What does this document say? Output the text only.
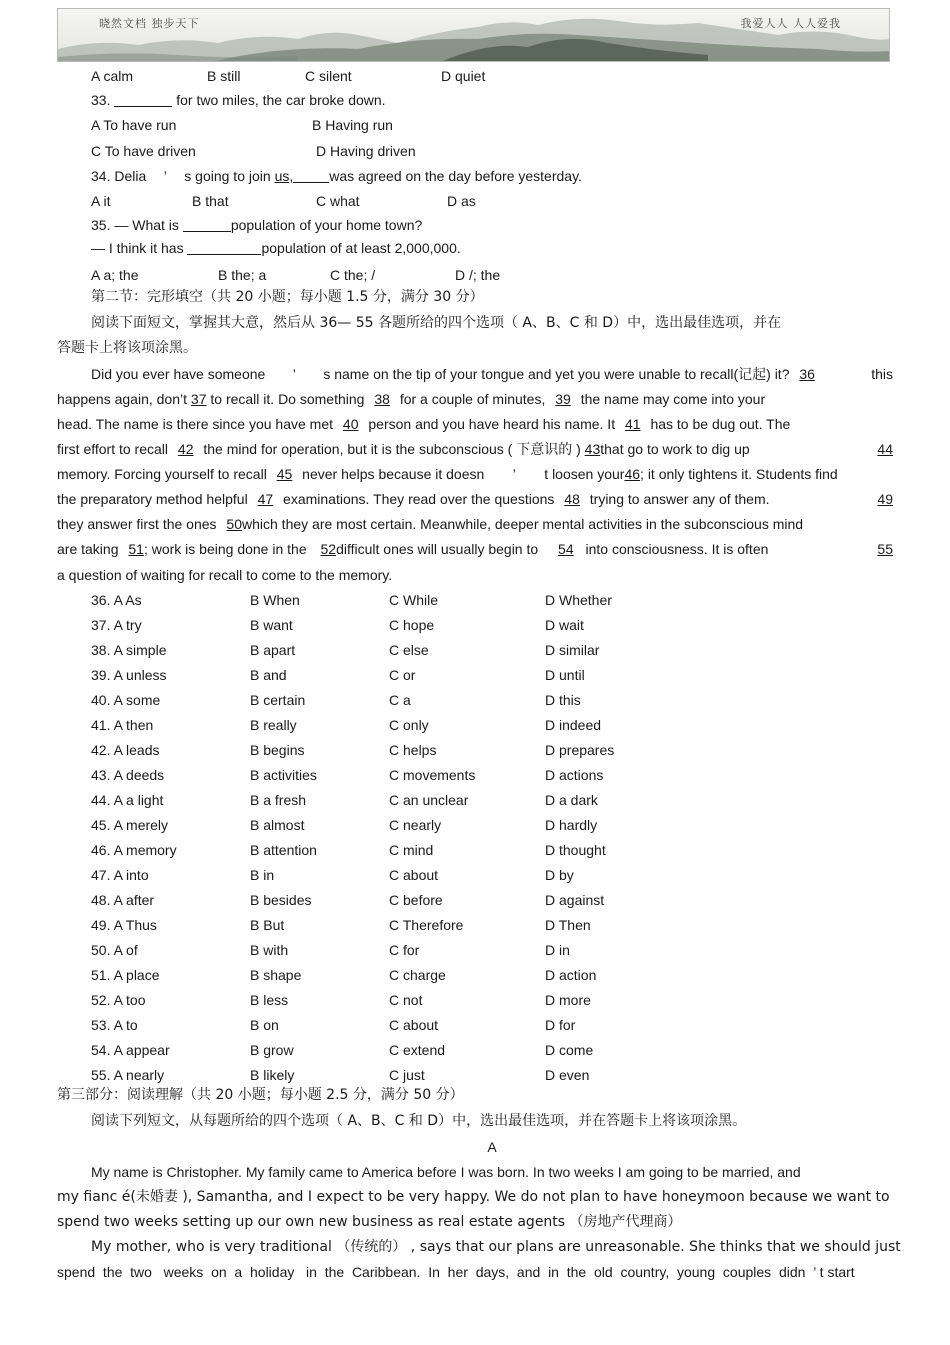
晓然文档 独步天下	我爱人人 人人爱我
A calm	B still	C silent	D quiet
33.	for two miles, the car broke down.
A To have run	B Having run
C To have driven	D Having driven
34. Delia ’ s going to join us,	was agreed on the day before yesterday.
A it	B that	C what	D as
35. — What is	population of your home town?
— I think it has	population of at least 2,000,000.
A a; the	B the; a	C the; /	D /; the
第二节：完形填空（共 20 小题；每小题 1.5 分，满分 30 分）
阅读下面短文，掌握其大意，然后从 36— 55 各题所给的四个选项（ A、B、C 和 D）中，选出最佳选项，并在
答题卡上将该项涂黑。
Did you ever have someone ’ s name on the tip of your tongue and yet you were unable to recall(记起) it? 36	this
happens again, don’t 37 to recall it. Do something 38 for a couple of minutes, 39 the name may come into your
head. The name is there since you have met 40 person and you have heard his name. It 41 has to be dug out. The
first effort to recall 42 the mind for operation, but it is the subconscious ( 下意识的 ) 43that go to work to dig up	44
memory. Forcing yourself to recall 45 never helps because it doesn ’ t loosen your46; it only tightens it. Students find
the preparatory method helpful 47 examinations. They read over the questions 48 trying to answer any of them.	49
they answer first the ones 50which they are most certain. Meanwhile, deeper mental activities in the subconscious mind
are taking 51; work is being done in the 52difficult ones will usually begin to 54 into consciousness. It is often	55
a question of waiting for recall to come to the memory.
36. A As	B When	C While	D Whether
37. A try	B want	C hope	D wait
38. A simple	B apart	C else	D similar
39. A unless	B and	C or	D until
40. A some	B certain	C a	D this
41. A then	B really	C only	D indeed
42. A leads	B begins	C helps	D prepares
43. A deeds	B activities	C movements	D actions
44. A a light	B a fresh	C an unclear	D a dark
45. A merely	B almost	C nearly	D hardly
46. A memory	B attention	C mind	D thought
47. A into	B in	C about	D by
48. A after	B besides	C before	D against
49. A Thus	B But	C Therefore	D Then
50. A of	B with	C for	D in
51. A place	B shape	C charge	D action
52. A too	B less	C not	D more
53. A to	B on	C about	D for
54. A appear	B grow	C extend	D come
55. A nearly	B likely	C just	D even
第三部分：阅读理解（共 20 小题；每小题 2.5 分，满分 50 分）
阅读下列短文，从每题所给的四个选项（ A、B、C 和 D）中，选出最佳选项，并在答题卡上将该项涂黑。
A
My name is Christopher. My family came to America before I was born. In two weeks I am going to be married, and
my fianc é(未婚妻 ), Samantha, and I expect to be very happy. We do not plan to have honeymoon because we want to
spend two weeks setting up our own new business as real estate agents （房地产代理商）
My mother, who is very traditional （传统的） , says that our plans are unreasonable. She thinks that we should just
spend  the  two   weeks  on  a  holiday   in  the  Caribbean.  In  her  days,  and  in  the  old  country,  young  couples  didn  ’ t start
